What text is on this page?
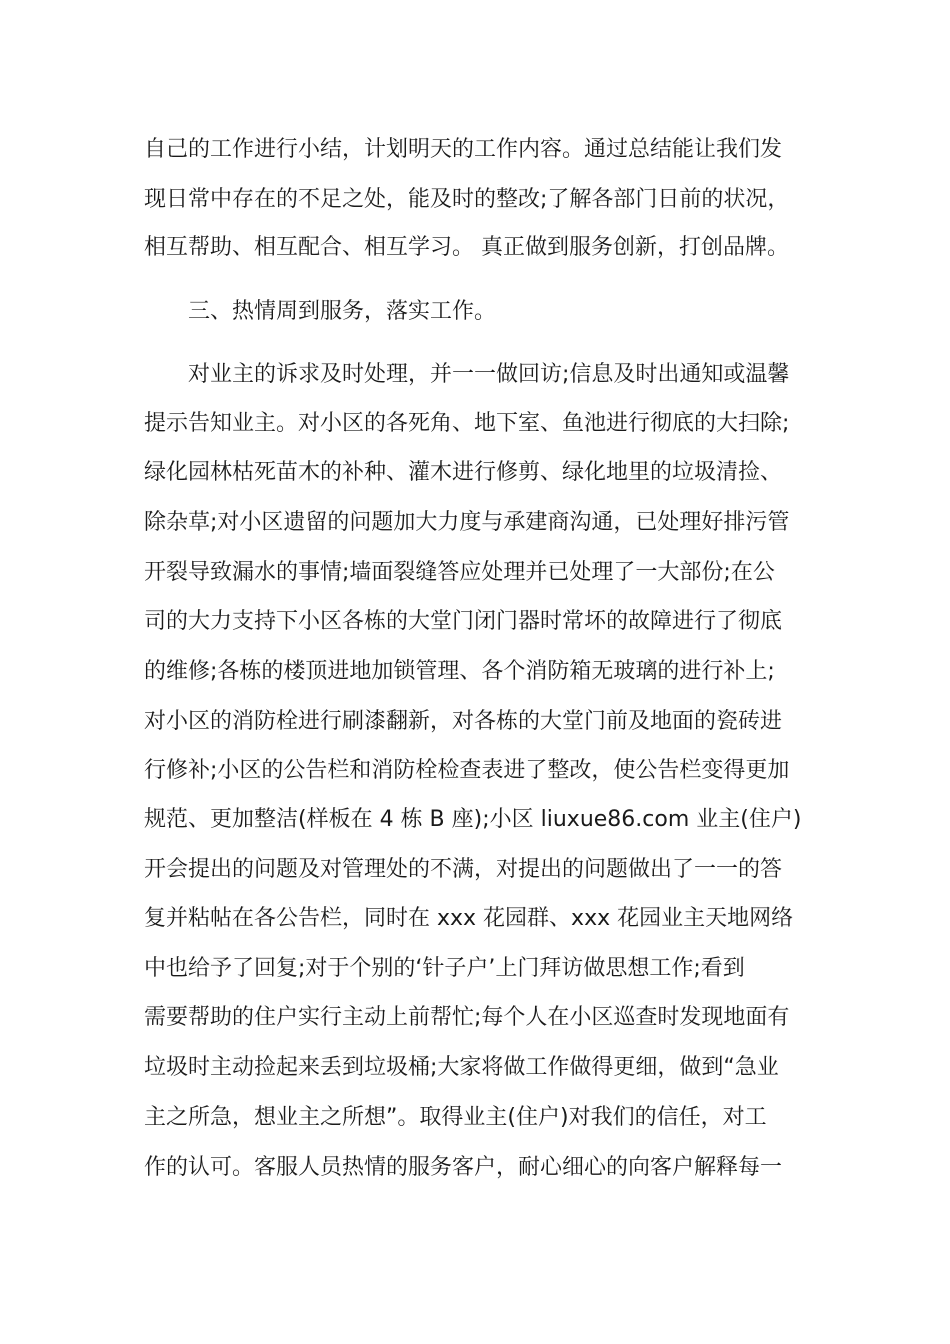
自己的工作进行小结，计划明天的工作内容。通过总结能让我们发
现日常中存在的不足之处，能及时的整改;了解各部门日前的状况，
相互帮助、相互配合、相互学习。 真正做到服务创新，打创品牌。
三、热情周到服务，落实工作。
对业主的诉求及时处理，并一一做回访;信息及时出通知或温馨
提示告知业主。对小区的各死角、地下室、鱼池进行彻底的大扫除;
绿化园林枯死苗木的补种、灌木进行修剪、绿化地里的垃圾清捡、
除杂草;对小区遗留的问题加大力度与承建商沟通，已处理好排污管
开裂导致漏水的事情;墙面裂缝答应处理并已处理了一大部份;在公
司的大力支持下小区各栋的大堂门闭门器时常坏的故障进行了彻底
的维修;各栋的楼顶进地加锁管理、各个消防箱无玻璃的进行补上;
对小区的消防栓进行刷漆翻新，对各栋的大堂门前及地面的瓷砖进
行修补;小区的公告栏和消防栓检查表进了整改，使公告栏变得更加
规范、更加整洁(样板在 4 栋 B 座);小区 liuxue86.com 业主(住户)
开会提出的问题及对管理处的不满，对提出的问题做出了一一的答
复并粘帖在各公告栏，同时在 xxx 花园群、xxx 花园业主天地网络
中也给予了回复;对于个别的‘针子户’上门拜访做思想工作;看到
需要帮助的住户实行主动上前帮忙;每个人在小区巡查时发现地面有
垃圾时主动捡起来丢到垃圾桶;大家将做工作做得更细，做到“急业
主之所急，想业主之所想”。取得业主(住户)对我们的信任，对工
作的认可。客服人员热情的服务客户，耐心细心的向客户解释每一
